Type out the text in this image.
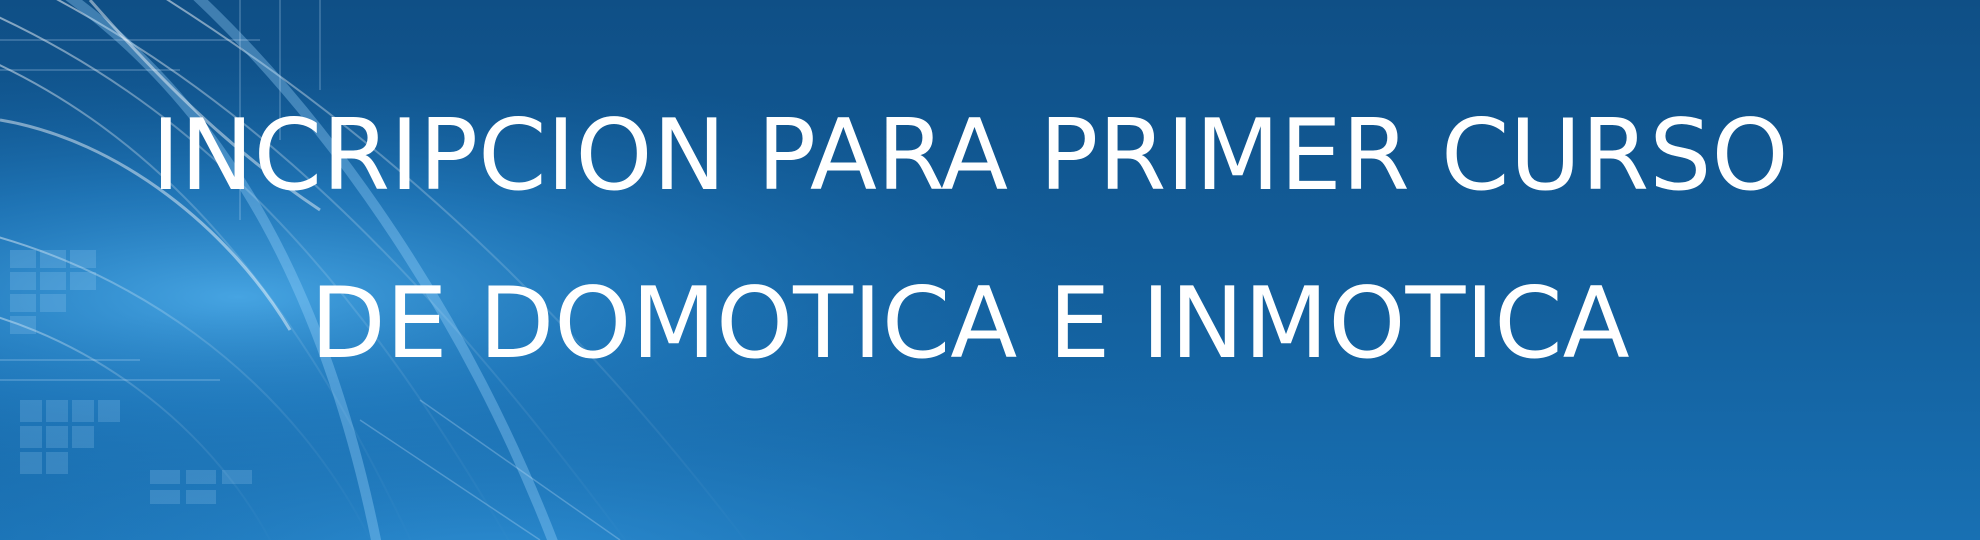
INCRIPCION PARA PRIMER CURSO
DE DOMOTICA E INMOTICA
